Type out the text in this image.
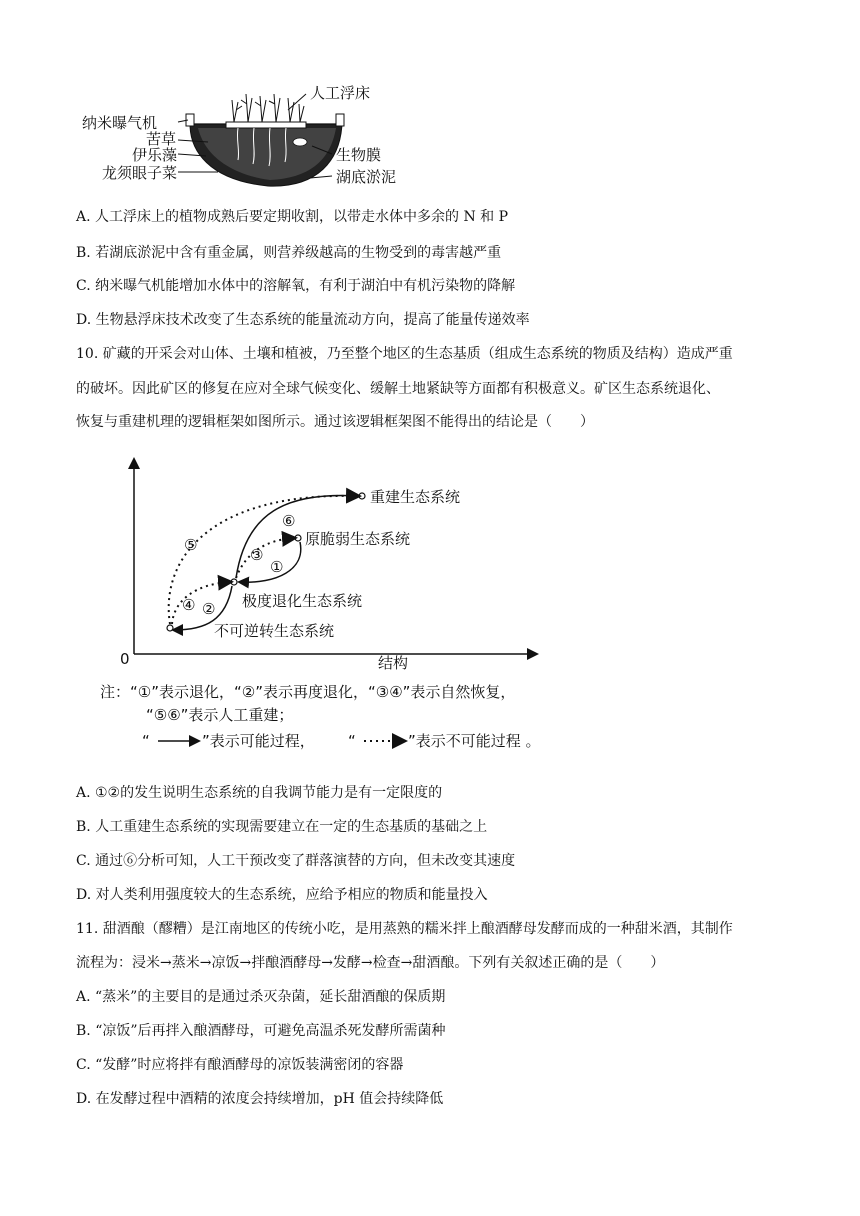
人工浮床
纳米曝气机
苦草
伊乐藻
龙须眼子菜
生物膜
湖底淤泥
A. 人工浮床上的植物成熟后要定期收割，以带走水体中多余的 N 和 P
B. 若湖底淤泥中含有重金属，则营养级越高的生物受到的毒害越严重
C. 纳米曝气机能增加水体中的溶解氧，有利于湖泊中有机污染物的降解
D. 生物悬浮床技术改变了生态系统的能量流动方向，提高了能量传递效率
10. 矿藏的开采会对山体、土壤和植被，乃至整个地区的生态基质（组成生态系统的物质及结构）造成严重
的破坏。因此矿区的修复在应对全球气候变化、缓解土地紧缺等方面都有积极意义。矿区生态系统退化、
恢复与重建机理的逻辑框架如图所示。通过该逻辑框架图不能得出的结论是（　　）
0	结构
重建生态系统
原脆弱生态系统
极度退化生态系统
不可逆转生态系统
⑤
⑥
③
①
④ ②
注：“①”表示退化，“②”表示再度退化，“③④”表示自然恢复，
“⑤⑥”表示人工重建；
“	”表示可能过程， “	”表示不可能过程 。
A. ①②的发生说明生态系统的自我调节能力是有一定限度的
B. 人工重建生态系统的实现需要建立在一定的生态基质的基础之上
C. 通过⑥分析可知，人工干预改变了群落演替的方向，但未改变其速度
D. 对人类利用强度较大的生态系统，应给予相应的物质和能量投入
11. 甜酒酿（醪糟）是江南地区的传统小吃，是用蒸熟的糯米拌上酿酒酵母发酵而成的一种甜米酒，其制作
流程为：浸米→蒸米→凉饭→拌酿酒酵母→发酵→检查→甜酒酿。下列有关叙述正确的是（　　）
A. “蒸米”的主要目的是通过杀灭杂菌，延长甜酒酿的保质期
B. “凉饭”后再拌入酿酒酵母，可避免高温杀死发酵所需菌种
C. “发酵”时应将拌有酿酒酵母的凉饭装满密闭的容器
D. 在发酵过程中酒精的浓度会持续增加，pH 值会持续降低
